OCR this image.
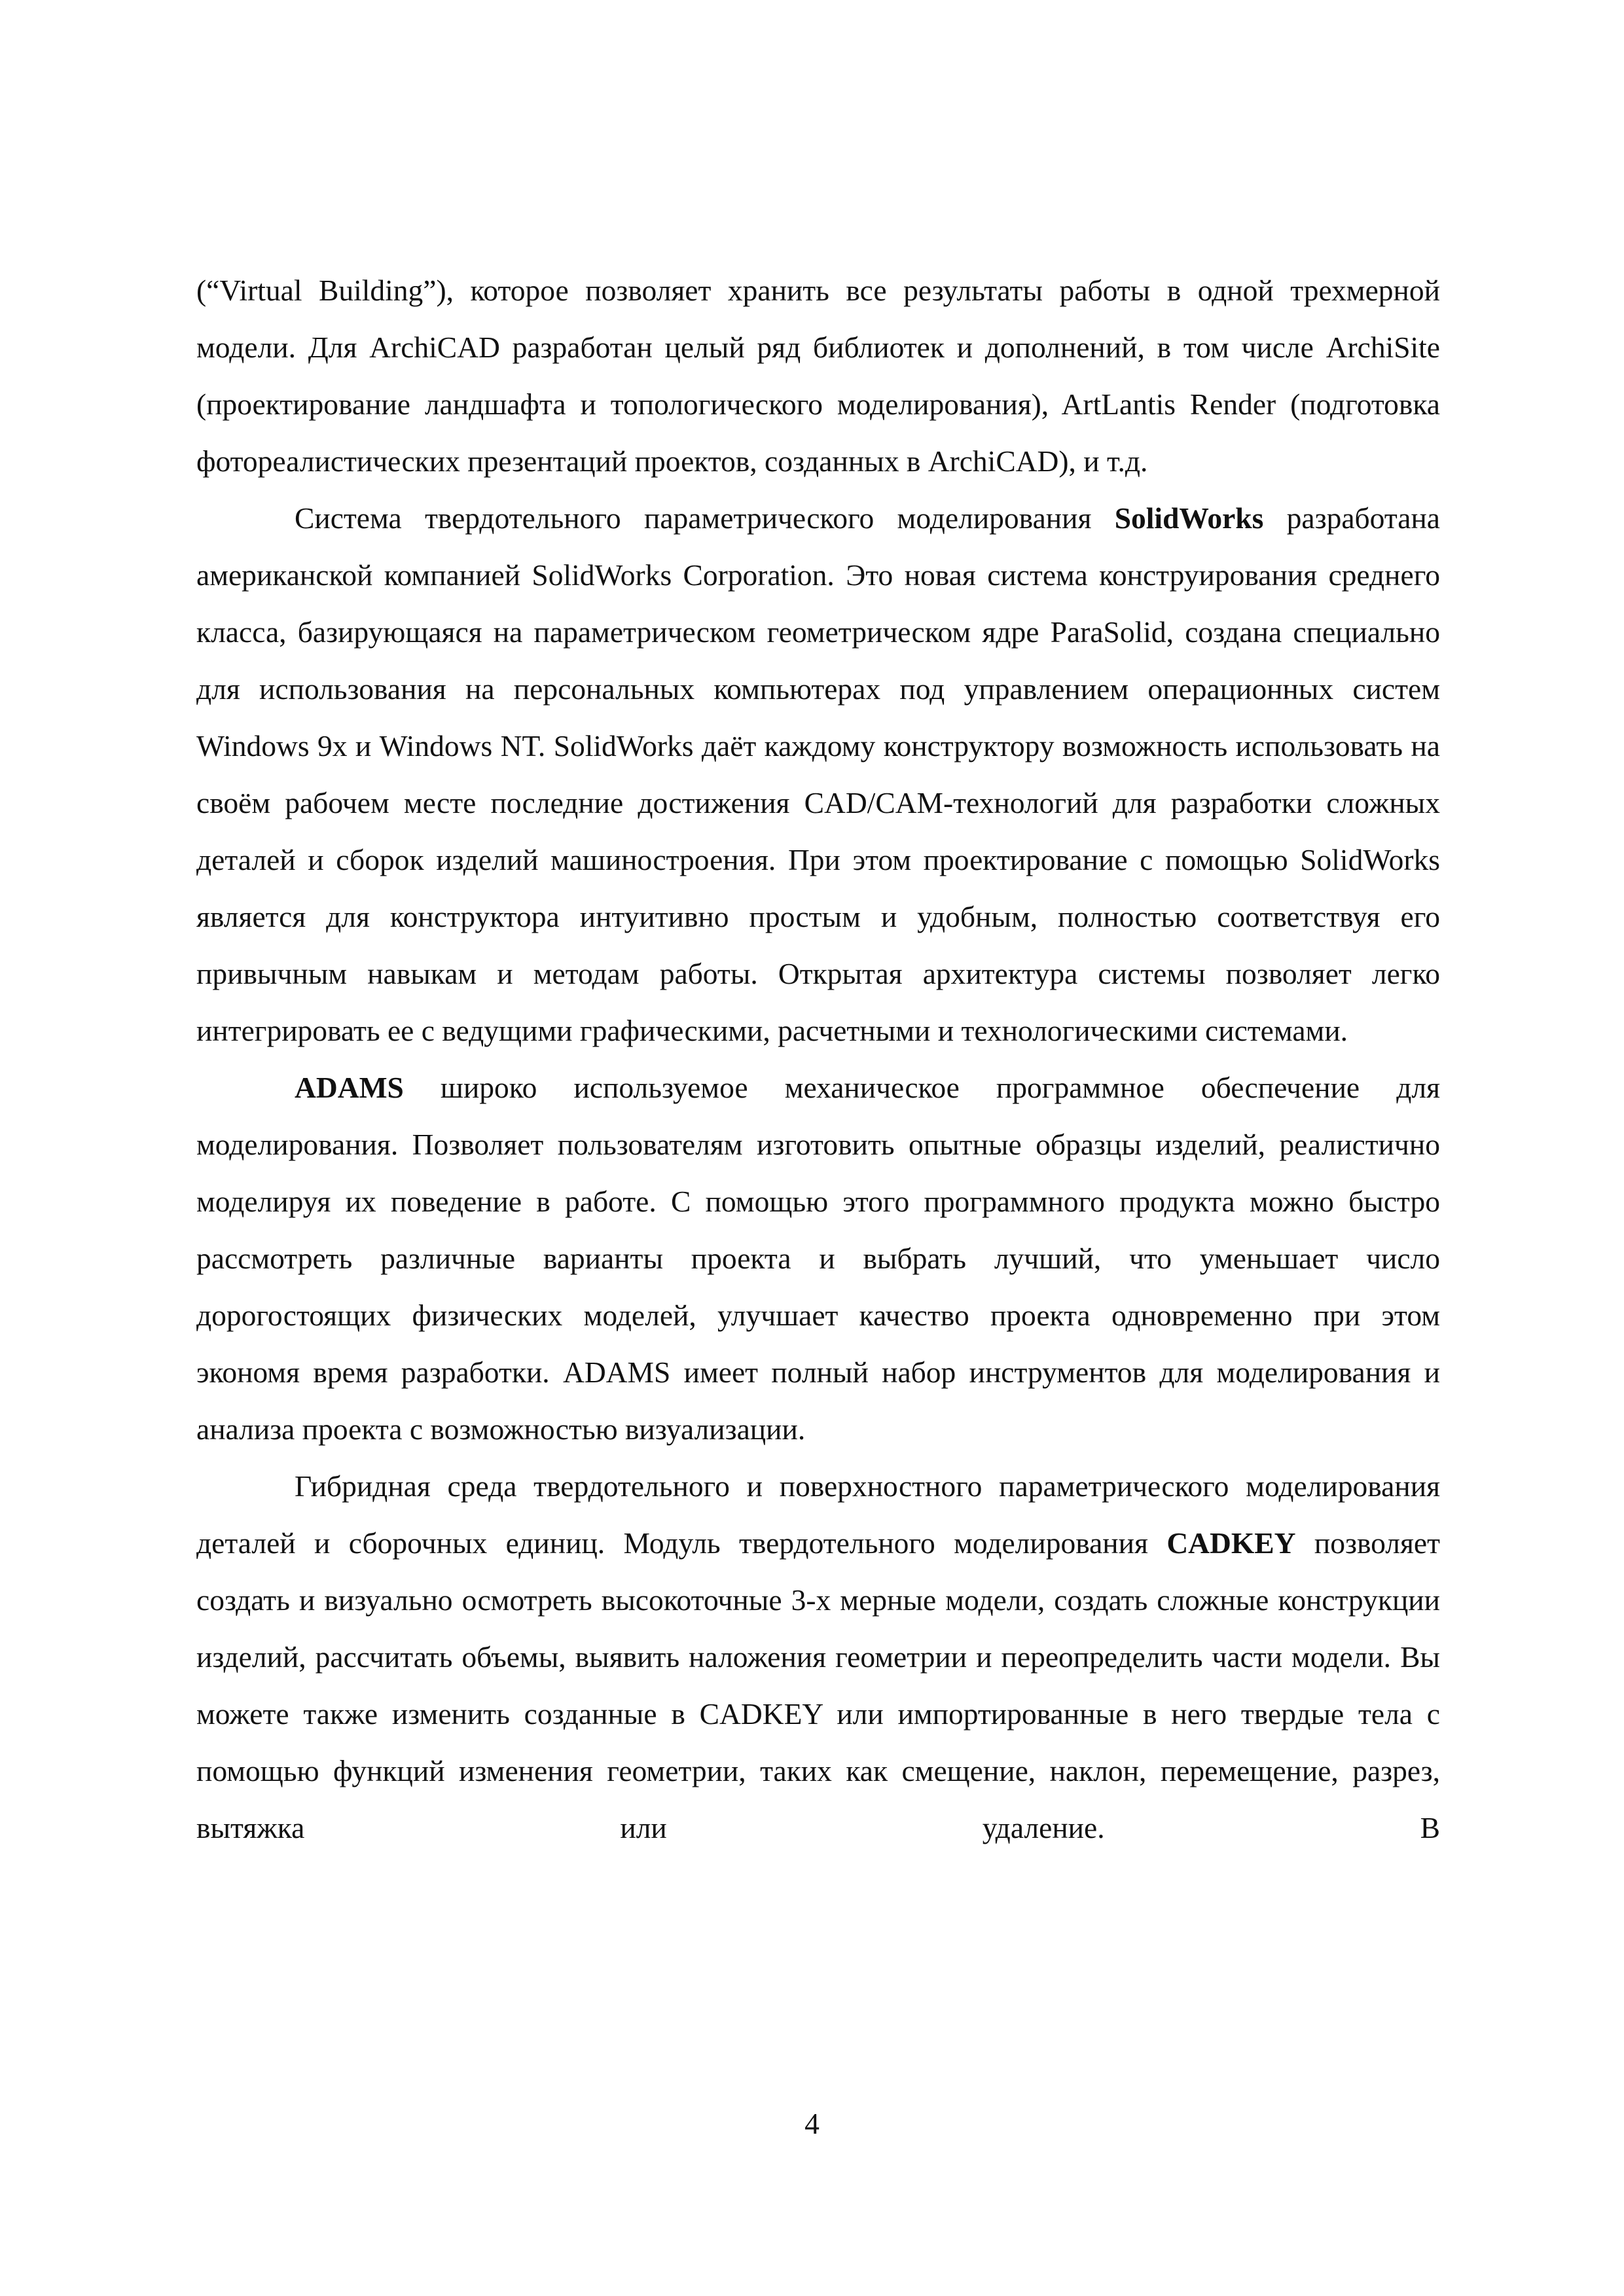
(“Virtual Building”), которое позволяет хранить все результаты работы в одной трехмерной модели. Для ArchiCAD разработан целый ряд библиотек и дополнений, в том числе ArchiSite (проектирование ландшафта и топологического моделирования), ArtLantis Render (подготовка фотореалистических презентаций проектов, созданных в ArchiCAD), и т.д.

Система твердотельного параметрического моделирования SolidWorks разработана американской компанией SolidWorks Corporation. Это новая система конструирования среднего класса, базирующаяся на параметрическом геометрическом ядре ParaSolid, создана специально для использования на персональных компьютерах под управлением операционных систем Windows 9x и Windows NT. SolidWorks даёт каждому конструктору возможность использовать на своём рабочем месте последние достижения CAD/CAM-технологий для разработки сложных деталей и сборок изделий машиностроения. При этом проектирование с помощью SolidWorks является для конструктора интуитивно простым и удобным, полностью соответствуя его привычным навыкам и методам работы. Открытая архитектура системы позволяет легко интегрировать ее с ведущими графическими, расчетными и технологическими системами.

ADAMS широко используемое механическое программное обеспечение для моделирования. Позволяет пользователям изготовить опытные образцы изделий, реалистично моделируя их поведение в работе. С помощью этого программного продукта можно быстро рассмотреть различные варианты проекта и выбрать лучший, что уменьшает число дорогостоящих физических моделей, улучшает качество проекта одновременно при этом экономя время разработки. ADAMS имеет полный набор инструментов для моделирования и анализа проекта с возможностью визуализации.

Гибридная среда твердотельного и поверхностного параметрического моделирования деталей и сборочных единиц. Модуль твердотельного моделирования CADKEY позволяет создать и визуально осмотреть высокоточные 3-х мерные модели, создать сложные конструкции изделий, рассчитать объемы, выявить наложения геометрии и переопределить части модели. Вы можете также изменить созданные в CADKEY или импортированные в него твердые тела с помощью функций изменения геометрии, таких как смещение, наклон, перемещение, разрез, вытяжка или удаление. В

4
